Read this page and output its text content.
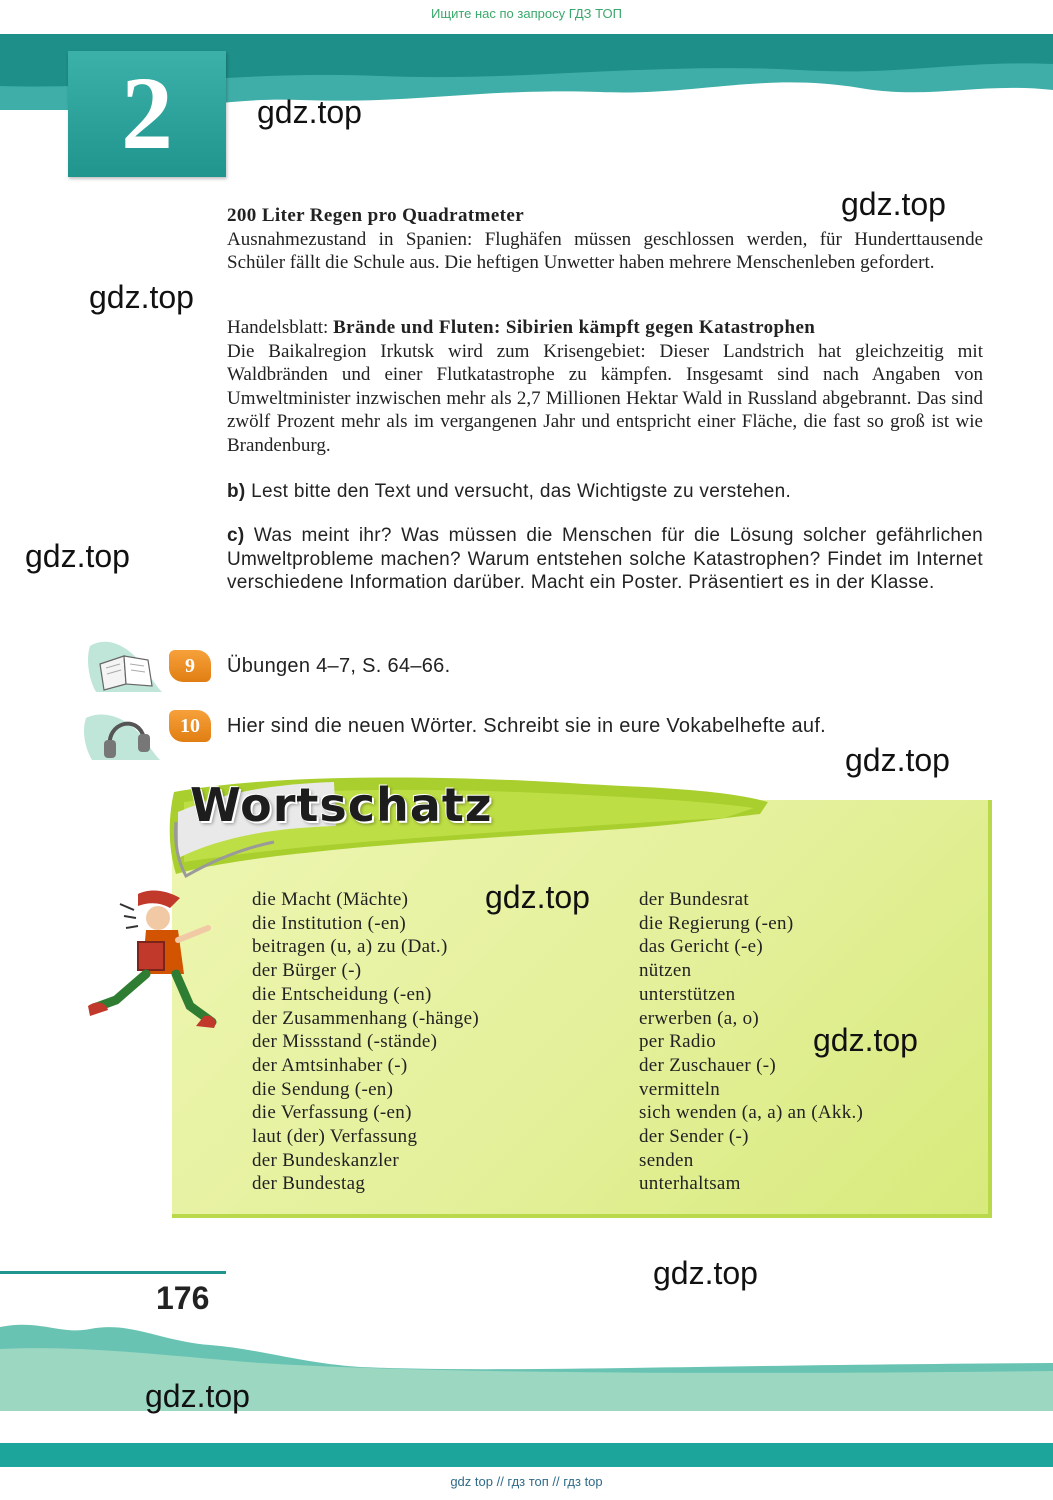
Ищите нас по запросу ГДЗ ТОП
2	gdz.top
gdz.top
gdz.top
gdz.top
gdz.top
gdz.top
gdz.top
gdz.top
gdz.top
200 Liter Regen pro Quadratmeter
Ausnahmezustand in Spanien: Flughäfen müssen geschlossen werden, für Hunderttausende Schüler fällt die Schule aus. Die heftigen Unwetter haben mehrere Menschenleben gefordert.
Handelsblatt: Brände und Fluten: Sibirien kämpft gegen Katastrophen
Die Baikalregion Irkutsk wird zum Krisengebiet: Dieser Landstrich hat gleichzeitig mit Waldbränden und einer Flutkatastrophe zu kämpfen. Insgesamt sind nach Angaben von Umweltminister inzwischen mehr als 2,7 Millionen Hektar Wald in Russland abgebrannt. Das sind zwölf Prozent mehr als im vergangenen Jahr und entspricht einer Fläche, die fast so groß ist wie Brandenburg.
b) Lest bitte den Text und versucht, das Wichtigste zu verstehen.
c) Was meint ihr? Was müssen die Menschen für die Lösung solcher gefährlichen Umweltprobleme machen? Warum entstehen solche Katastrophen? Findet im Internet verschiedene Information darüber. Macht ein Poster. Präsentiert es in der Klasse.
9	Übungen 4–7, S. 64–66.
10	Hier sind die neuen Wörter. Schreibt sie in eure Vokabelhefte auf.
Wortschatz
die Macht (Mächte)
die Institution (-en)
beitragen (u, a) zu (Dat.)
der Bürger (-)
die Entscheidung (-en)
der Zusammenhang (-hänge)
der Missstand (-stände)
der Amtsinhaber (-)
die Sendung (-en)
die Verfassung (-en)
laut (der) Verfassung
der Bundeskanzler
der Bundestag
der Bundesrat
die Regierung (-en)
das Gericht (-e)
nützen
unterstützen
erwerben (a, o)
per Radio
der Zuschauer (-)
vermitteln
sich wenden (a, a) an (Akk.)
der Sender (-)
senden
unterhaltsam
176
gdz top // гдз топ // гдз top
